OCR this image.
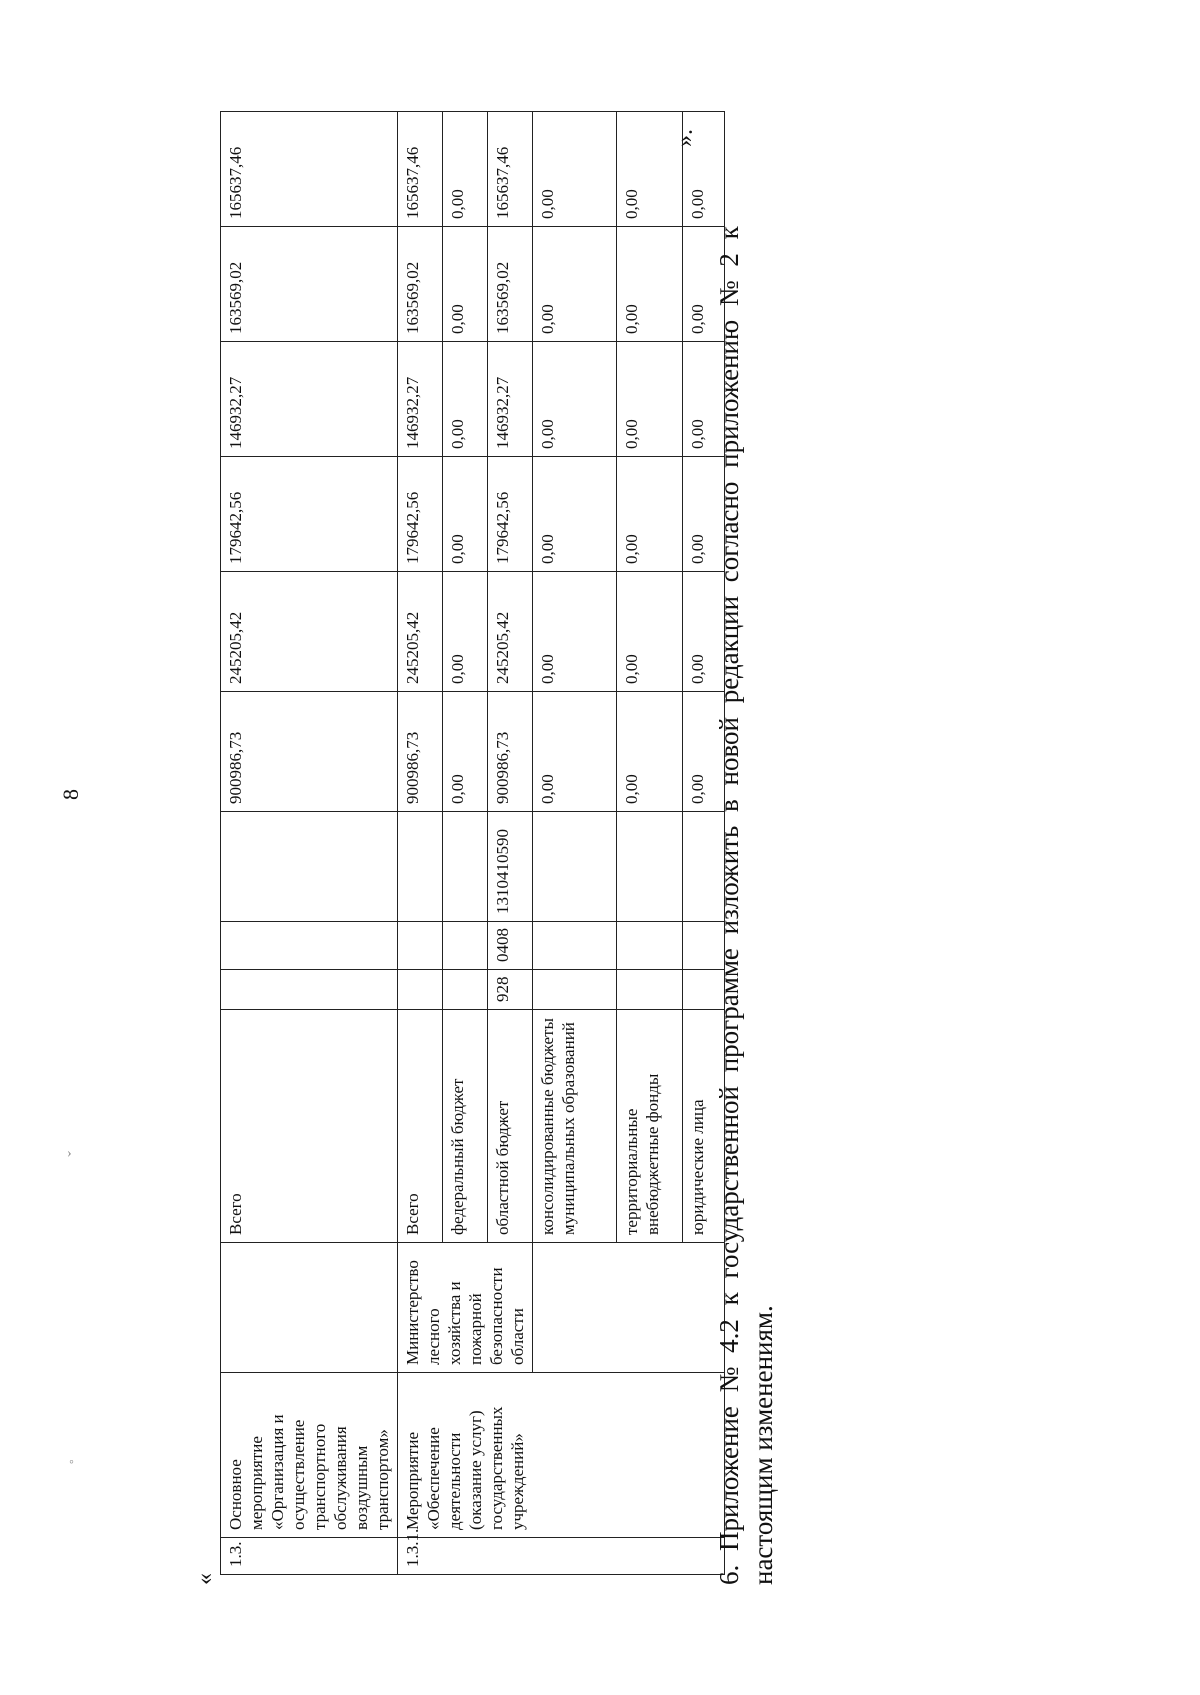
8
◦
›
«
1.3.	Основное мероприятие «Организация и осуществление транспортного обслуживания воздушным транспортом»		Всего				900986,73	245205,42	179642,56	146932,27	163569,02	165637,46
1.3.1.	Мероприятие «Обеспечение деятельности (оказание услуг) государственных учреждений»	Министерство лесного хозяйства и пожарной безопасности области	Всего				900986,73	245205,42	179642,56	146932,27	163569,02	165637,46
			федеральный бюджет				0,00	0,00	0,00	0,00	0,00	0,00
			областной бюджет	928	0408	1310410590	900986,73	245205,42	179642,56	146932,27	163569,02	165637,46
			консолидированные бюджеты муниципальных образований				0,00	0,00	0,00	0,00	0,00	0,00
			территориальные внебюджетные фонды				0,00	0,00	0,00	0,00	0,00	0,00
			юридические лица				0,00	0,00	0,00	0,00	0,00	0,00
».
6. Приложение № 4.2 к государственной программе изложить в новой редакции согласно приложению № 2 к настоящим изменениям.
